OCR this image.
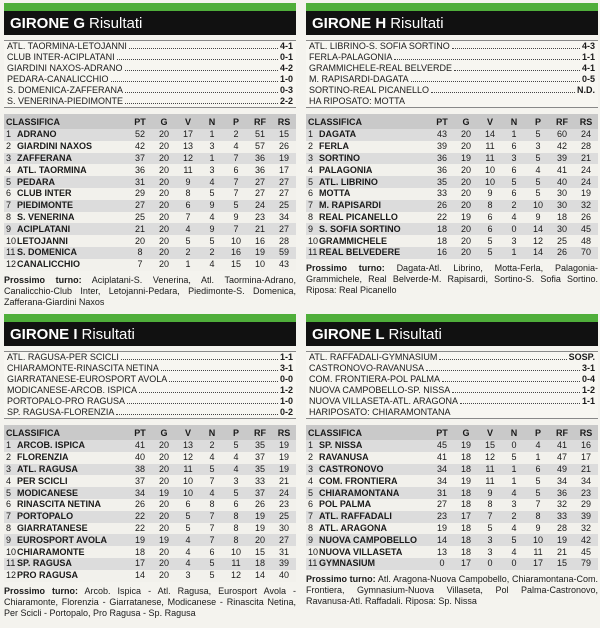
GIRONE G Risultati
ATL. TAORMINA-LETOJANNI	4-1
CLUB INTER-ACIPLATANI	0-1
GIARDINI NAXOS-ADRANO	4-2
PEDARA-CANALICCHIO	1-0
S. DOMENICA-ZAFFERANA	0-3
S. VENERINA-PIEDIMONTE	2-2
CLASSIFICA	PT	G	V	N	P	RF	RS
1 ADRANO	52	20	17	1	2	51	15
2 GIARDINI NAXOS	42	20	13	3	4	57	26
3 ZAFFERANA	37	20	12	1	7	36	19
4 ATL. TAORMINA	36	20	11	3	6	36	17
5 PEDARA	31	20	9	4	7	27	27
6 CLUB INTER	29	20	8	5	7	27	27
7 PIEDIMONTE	27	20	6	9	5	24	25
8 S. VENERINA	25	20	7	4	9	23	34
9 ACIPLATANI	21	20	4	9	7	21	27
10LETOJANNI	20	20	5	5	10	16	28
11 S. DOMENICA	8	20	2	2	16	19	59
12CANALICCHIO	7	20	1	4	15	10	43
Prossimo turno: Aciplatani-S. Venerina, Atl. Taormina-Adrano, Canalicchio-Club Inter, Letojanni-Pedara, Piedimonte-S. Domenica, Zafferana-Giardini Naxos
GIRONE H Risultati
ATL. LIBRINO-S. SOFIA SORTINO	4-3
FERLA-PALAGONIA	1-1
GRAMMICHELE-REAL BELVERDE	4-1
M. RAPISARDI-DAGATA	0-5
SORTINO-REAL PICANELLO	N.D.
HA RIPOSATO: MOTTA
CLASSIFICA	PT	G	V	N	P	RF	RS
1 DAGATA	43	20	14	1	5	60	24
2 FERLA	39	20	11	6	3	42	28
3 SORTINO	36	19	11	3	5	39	21
4 PALAGONIA	36	20	10	6	4	41	24
5 ATL. LIBRINO	35	20	10	5	5	40	24
6 MOTTA	33	20	9	6	5	30	19
7 M. RAPISARDI	26	20	8	2	10	30	32
8 REAL PICANELLO	22	19	6	4	9	18	26
9 S. SOFIA SORTINO	18	20	6	0	14	30	45
10GRAMMICHELE	18	20	5	3	12	25	48
11 REAL BELVEDERE	16	20	5	1	14	26	70
Prossimo turno: Dagata-Atl. Librino, Motta-Ferla, Palagonia-Grammichele, Real Belverde-M. Rapisardi, Sortino-S. Sofia Sortino. Riposa: Real Picanello
GIRONE I Risultati
ATL. RAGUSA-PER SCICLI	1-1
CHIARAMONTE-RINASCITA NETINA	3-1
GIARRATANESE-EUROSPORT AVOLA	0-0
MODICANESE-ARCOB. ISPICA	1-2
PORTOPALO-PRO RAGUSA	1-0
SP. RAGUSA-FLORENZIA	0-2
CLASSIFICA	PT	G	V	N	P	RF	RS
1 ARCOB. ISPICA	41	20	13	2	5	35	19
2 FLORENZIA	40	20	12	4	4	37	19
3 ATL. RAGUSA	38	20	11	5	4	35	19
4 PER SCICLI	37	20	10	7	3	33	21
5 MODICANESE	34	19	10	4	5	37	24
6 RINASCITA NETINA	26	20	6	8	6	26	23
7 PORTOPALO	22	20	5	7	8	19	25
8 GIARRATANESE	22	20	5	7	8	19	30
9 EUROSPORT AVOLA	19	19	4	7	8	20	27
10CHIARAMONTE	18	20	4	6	10	15	31
11 SP. RAGUSA	17	20	4	5	11	18	39
12PRO RAGUSA	14	20	3	5	12	14	40
Prossimo turno: Arcob. Ispica - Atl. Ragusa, Eurosport Avola - Chiaramonte, Florenzia - Giarratanese, Modicanese - Rinascita Netina, Per Scicli - Portopalo, Pro Ragusa - Sp. Ragusa
GIRONE L Risultati
ATL. RAFFADALI-GYMNASIUM	SOSP.
CASTRONOVO-RAVANUSA	3-1
COM. FRONTIERA-POL PALMA	0-4
NUOVA CAMPOBELLO-SP. NISSA	1-2
NUOVA VILLASETA-ATL. ARAGONA	1-1
HARIPOSATO: CHIARAMONTANA
CLASSIFICA	PT	G	V	N	P	RF	RS
1 SP. NISSA	45	19	15	0	4	41	16
2 RAVANUSA	41	18	12	5	1	47	17
3 CASTRONOVO	34	18	11	1	6	49	21
4 COM. FRONTIERA	34	19	11	1	5	34	34
5 CHIARAMONTANA	31	18	9	4	5	36	23
6 POL PALMA	27	18	8	3	7	32	29
7 ATL. RAFFADALI	23	17	7	2	8	33	39
8 ATL. ARAGONA	19	18	5	4	9	28	32
9 NUOVA CAMPOBELLO	14	18	3	5	10	19	42
10NUOVA VILLASETA	13	18	3	4	11	21	45
11 GYMNASIUM	0	17	0	0	17	15	79
Prossimo turno: Atl. Aragona-Nuova Campobello, Chiaramontana-Com. Frontiera, Gymnasium-Nuova Villaseta, Pol Palma-Castronovo, Ravanusa-Atl. Raffadali. Riposa: Sp. Nissa
